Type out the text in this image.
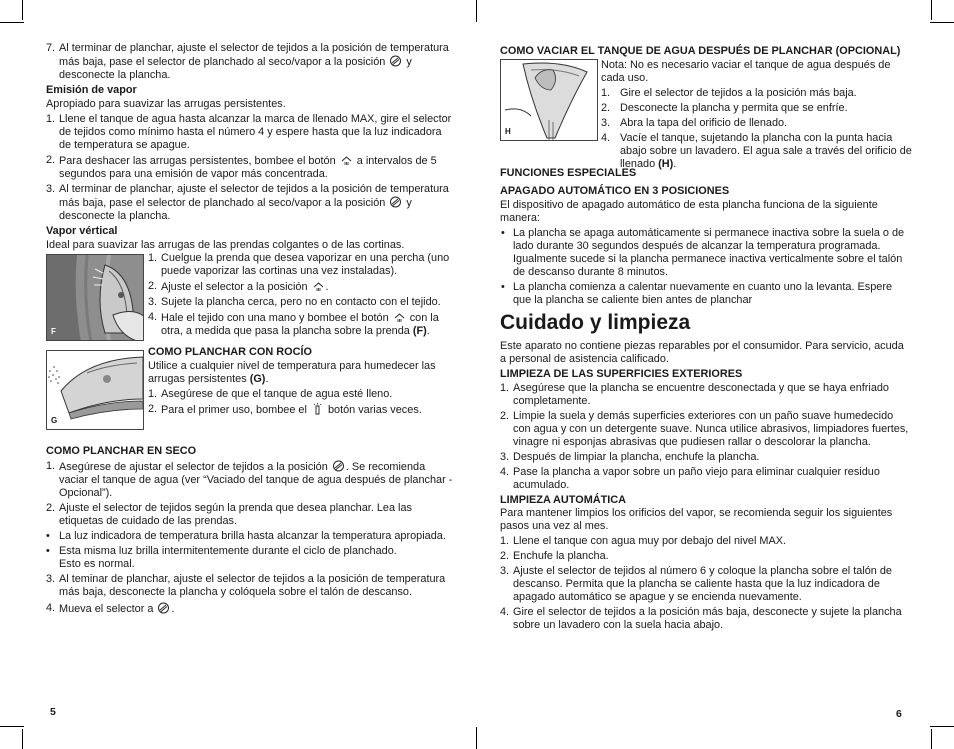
7. Al terminar de planchar, ajuste el selector de tejidos a la posición de temperatura más baja, pase el selector de planchado al seco/vapor a la posición y desconecte la plancha.
Emisión de vapor
Apropiado para suavizar las arrugas persistentes.
1. Llene el tanque de agua hasta alcanzar la marca de llenado MAX, gire el selector de tejidos como mínimo hasta el número 4 y espere hasta que la luz indicadora de temperatura se apague.
2. Para deshacer las arrugas persistentes, bombee el botón a intervalos de 5 segundos para una emisión de vapor más concentrada.
3. Al terminar de planchar, ajuste el selector de tejidos a la posición de temperatura más baja, pase el selector de planchado al seco/vapor a la posición y desconecte la plancha.
Vapor vértical
Ideal para suavizar las arrugas de las prendas colgantes o de las cortinas.
F
1. Cuelgue la prenda que desea vaporizar en una percha (uno puede vaporizar las cortinas una vez instaladas).
2. Ajuste el selector a la posición .
3. Sujete la plancha cerca, pero no en contacto con el tejido.
4. Hale el tejido con una mano y bombee el botón con la otra, a medida que pasa la plancha sobre la prenda (F).
G
COMO PLANCHAR CON ROCÍO
Utilice a cualquier nivel de temperatura para humedecer las arrugas persistentes (G).
1. Asegúrese de que el tanque de agua esté lleno.
2. Para el primer uso, bombee el botón varias veces.
COMO PLANCHAR EN SECO
1. Asegúrese de ajustar el selector de tejidos a la posición . Se recomienda vaciar el tanque de agua (ver “Vaciado del tanque de agua después de planchar - Opcional”).
2. Ajuste el selector de tejidos según la prenda que desea planchar. Lea las etiquetas de cuidado de las prendas.
• La luz indicadora de temperatura brilla hasta alcanzar la temperatura apropiada.
• Esta misma luz brilla intermitentemente durante el ciclo de planchado.
Esto es normal.
3. Al teminar de planchar, ajuste el selector de tejidos a la posición de temperatura más baja, desconecte la plancha y colóquela sobre el talón de descanso.
4. Mueva el selector a .
5
COMO VACIAR EL TANQUE DE AGUA DESPUÉS DE PLANCHAR (OPCIONAL)
H
Nota: No es necesario vaciar el tanque de agua después de cada uso.
1. Gire el selector de tejidos a la posición más baja.
2. Desconecte la plancha y permita que se enfríe.
3. Abra la tapa del orificio de llenado.
4. Vacíe el tanque, sujetando la plancha con la punta hacia abajo sobre un lavadero. El agua sale a través del orificio de llenado (H).
FUNCIONES ESPECIALES
APAGADO AUTOMÁTICO EN 3 POSICIONES
El dispositivo de apagado automático de esta plancha funciona de la siguiente manera:
• La plancha se apaga automáticamente si permanece inactiva sobre la suela o de lado durante 30 segundos después de alcanzar la temperatura programada. Igualmente sucede si la plancha permanece inactiva verticalmente sobre el talón de descanso durante 8 minutos.
• La plancha comienza a calentar nuevamente en cuanto uno la levanta. Espere que la plancha se caliente bien antes de planchar
Cuidado y limpieza
Este aparato no contiene piezas reparables por el consumidor. Para servicio, acuda a personal de asistencia calificado.
LIMPIEZA DE LAS SUPERFICIES EXTERIORES
1. Asegúrese que la plancha se encuentre desconectada y que se haya enfriado completamente.
2. Limpie la suela y demás superficies exteriores con un paño suave humedecido con agua y con un detergente suave. Nunca utilice abrasivos, limpiadores fuertes, vinagre ni esponjas abrasivas que pudiesen rallar o descolorar la plancha.
3. Después de limpiar la plancha, enchufe la plancha.
4. Pase la plancha a vapor sobre un paño viejo para eliminar cualquier residuo acumulado.
LIMPIEZA AUTOMÁTICA
Para mantener limpios los orificios del vapor, se recomienda seguir los siguientes pasos una vez al mes.
1. Llene el tanque con agua muy por debajo del nivel MAX.
2. Enchufe la plancha.
3. Ajuste el selector de tejidos al número 6 y coloque la plancha sobre el talón de descanso. Permita que la plancha se caliente hasta que la luz indicadora de apagado automático se apague y se encienda nuevamente.
4. Gire el selector de tejidos a la posición más baja, desconecte y sujete la plancha sobre un lavadero con la suela hacia abajo.
6
